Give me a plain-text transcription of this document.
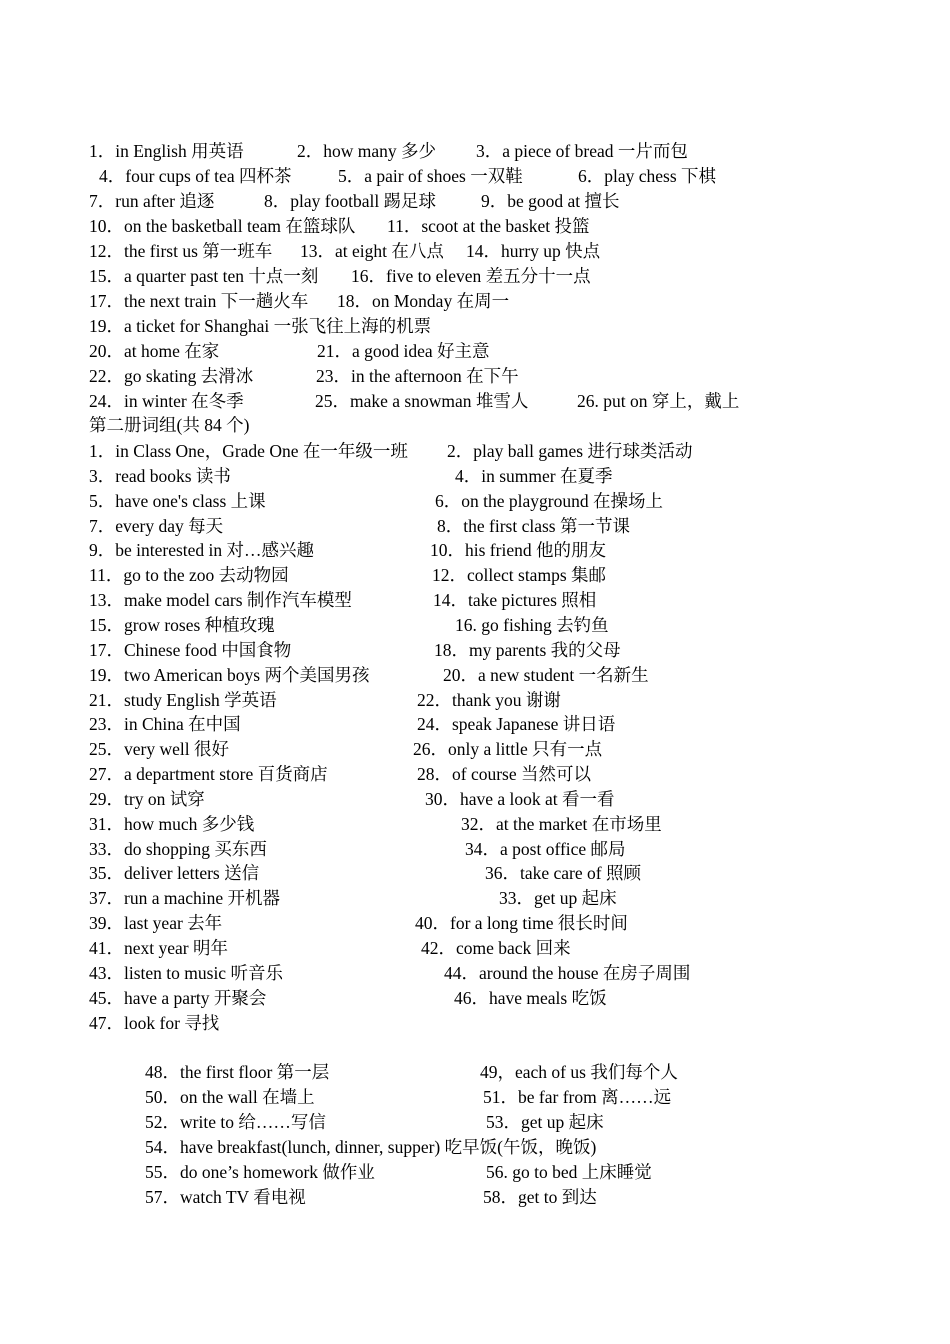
1．in English 用英语	2．how many 多少 3．a piece of bread 一片而包
4．four cups of tea 四杯茶	5．a pair of shoes 一双鞋	6．play chess 下棋
7．run after 追逐	8．play football 踢足球	9．be good at 擅长
10．on the basketball team 在篮球队 11．scoot at the basket 投篮
12．the first us 第一班车 13．at eight 在八点 14．hurry up 快点
15．a quarter past ten 十点一刻 16．five to eleven 差五分十一点
17．the next train 下一趟火车 18．on Monday 在周一
19．a ticket for Shanghai 一张飞往上海的机票
20．at home 在家	21．a good idea 好主意
22．go skating 去滑冰	23．in the afternoon 在下午
24．in winter 在冬季	25．make a snowman 堆雪人	26. put on 穿上，戴上
第二册词组(共 84 个)
1．in Class One，Grade One 在一年级一班 2．play ball games 进行球类活动
3．read books 读书	4．in summer 在夏季
5．have one's class 上课	6．on the playground 在操场上
7．every day 每天	8．the first class 第一节课
9．be interested in 对…感兴趣	10．his friend 他的朋友
11．go to the zoo 去动物园	12．collect stamps 集邮
13．make model cars 制作汽车模型	14．take pictures 照相
15．grow roses 种植玫瑰	16. go fishing 去钓鱼
17．Chinese food 中国食物	18．my parents 我的父母
19．two American boys 两个美国男孩	20．a new student 一名新生
21．study English 学英语	22．thank you 谢谢
23．in China 在中国	24．speak Japanese 讲日语
25．very well 很好	26．only a little 只有一点
27．a department store 百货商店	28．of course 当然可以
29．try on 试穿	30．have a look at 看一看
31．how much 多少钱	32．at the market 在市场里
33．do shopping 买东西	34．a post office 邮局
35．deliver letters 送信	36．take care of 照顾
37．run a machine 开机器	33．get up 起床
39．last year 去年	40．for a long time 很长时间
41．next year 明年	42．come back 回来
43．listen to music 听音乐	44．around the house 在房子周围
45．have a party 开聚会	46．have meals 吃饭
47．look for 寻找
48．the first floor 第一层	49，each of us 我们每个人
50．on the wall 在墙上	51．be far from 离……远
52．write to 给……写信	53．get up 起床
54．have breakfast(lunch, dinner, supper) 吃早饭(午饭，晚饭)
55．do one’s homework 做作业	56. go to bed 上床睡觉
57．watch TV 看电视	58．get to 到达
